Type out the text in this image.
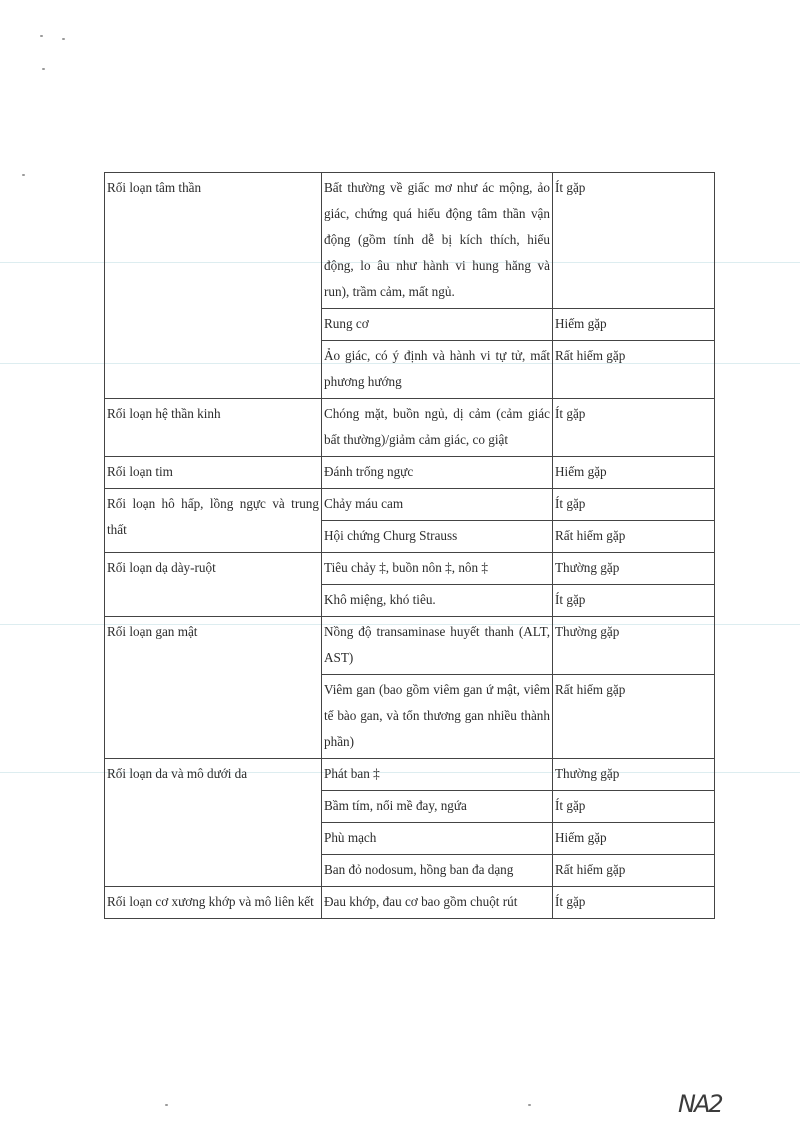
Rối loạn tâm thần	Bất thường về giấc mơ như ác mộng, ảo giác, chứng quá hiếu động tâm thần vận động (gồm tính dễ bị kích thích, hiếu động, lo âu như hành vi hung hăng và run), trầm cảm, mất ngủ.	Ít gặp
	Rung cơ	Hiếm gặp
	Ảo giác, có ý định và hành vi tự tử, mất phương hướng	Rất hiếm gặp
Rối loạn hệ thần kinh	Chóng mặt, buồn ngủ, dị cảm (cảm giác bất thường)/giảm cảm giác, co giật	Ít gặp
Rối loạn tim	Đánh trống ngực	Hiếm gặp
Rối loạn hô hấp, lồng ngực và trung thất	Chảy máu cam	Ít gặp
	Hội chứng Churg Strauss	Rất hiếm gặp
Rối loạn dạ dày-ruột	Tiêu chảy ‡, buồn nôn ‡, nôn ‡	Thường gặp
	Khô miệng, khó tiêu.	Ít gặp
Rối loạn gan mật	Nồng độ transaminase huyết thanh (ALT, AST)	Thường gặp
	Viêm gan (bao gồm viêm gan ứ mật, viêm tế bào gan, và tổn thương gan nhiều thành phần)	Rất hiếm gặp
Rối loạn da và mô dưới da	Phát ban ‡	Thường gặp
	Bầm tím, nổi mề đay, ngứa	Ít gặp
	Phù mạch	Hiếm gặp
	Ban đỏ nodosum, hồng ban đa dạng	Rất hiếm gặp
Rối loạn cơ xương khớp và mô liên kết	Đau khớp, đau cơ bao gồm chuột rút	Ít gặp
NA2
